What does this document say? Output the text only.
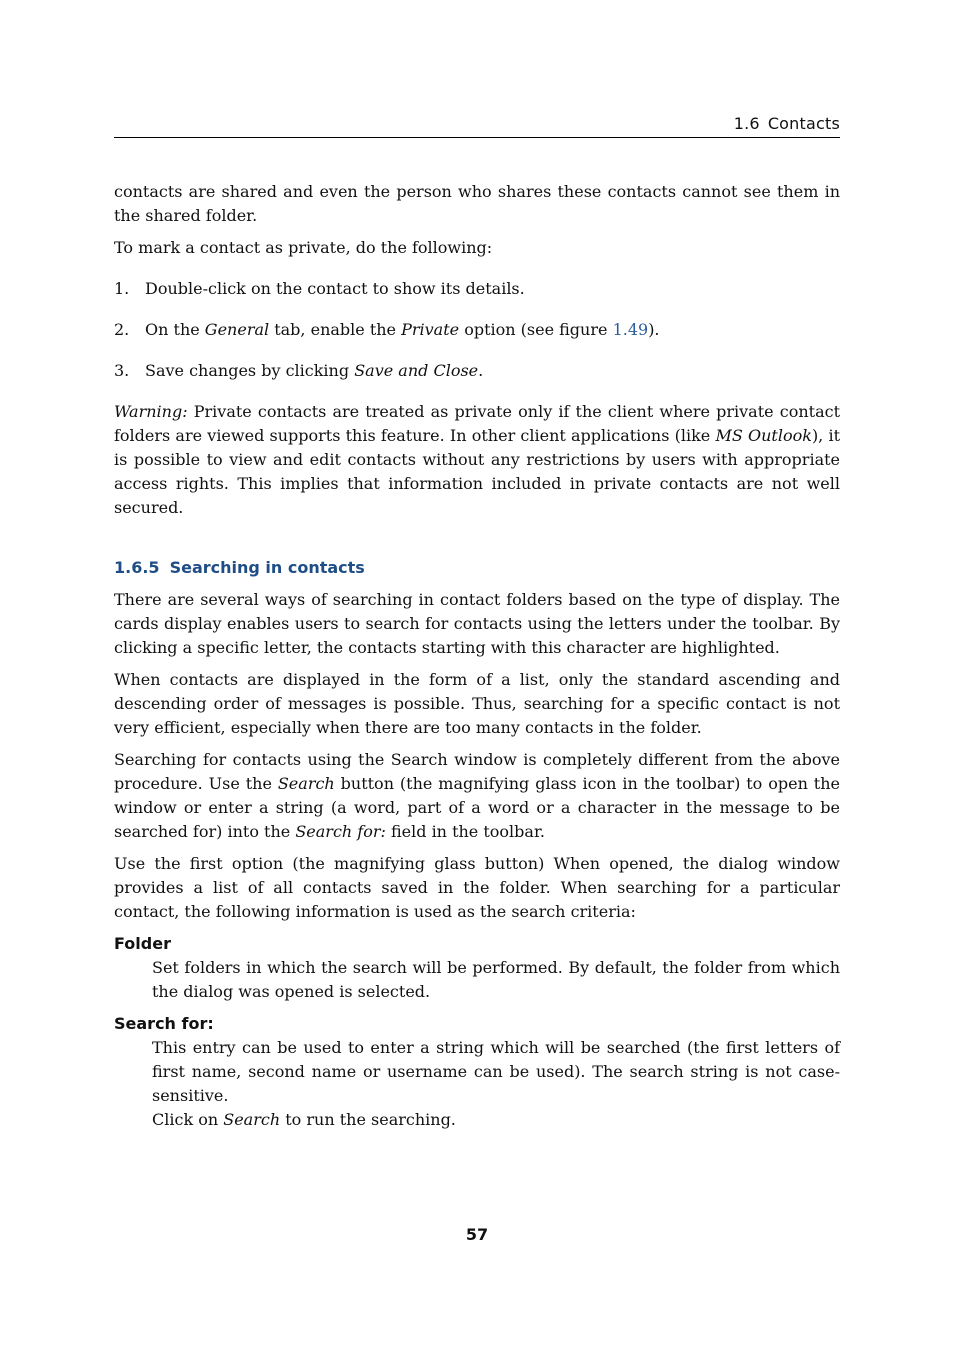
1.6 Contacts

contacts are shared and even the person who shares these contacts cannot see them in the shared folder.

To mark a contact as private, do the following:

1. Double-click on the contact to show its details.
2. On the General tab, enable the Private option (see figure 1.49).
3. Save changes by clicking Save and Close.

Warning: Private contacts are treated as private only if the client where private contact folders are viewed supports this feature. In other client applications (like MS Outlook), it is possible to view and edit contacts without any restrictions by users with appropriate access rights. This implies that information included in private contacts are not well secured.

1.6.5 Searching in contacts

There are several ways of searching in contact folders based on the type of display. The cards display enables users to search for contacts using the letters under the toolbar. By clicking a specific letter, the contacts starting with this character are highlighted.

When contacts are displayed in the form of a list, only the standard ascending and descending order of messages is possible. Thus, searching for a specific contact is not very efficient, especially when there are too many contacts in the folder.

Searching for contacts using the Search window is completely different from the above procedure. Use the Search button (the magnifying glass icon in the toolbar) to open the window or enter a string (a word, part of a word or a character in the message to be searched for) into the Search for: field in the toolbar.

Use the first option (the magnifying glass button) When opened, the dialog window provides a list of all contacts saved in the folder. When searching for a particular contact, the following information is used as the search criteria:

Folder
Set folders in which the search will be performed. By default, the folder from which the dialog was opened is selected.
Search for:
This entry can be used to enter a string which will be searched (the first letters of first name, second name or username can be used). The search string is not case-sensitive.
Click on Search to run the searching.
57
